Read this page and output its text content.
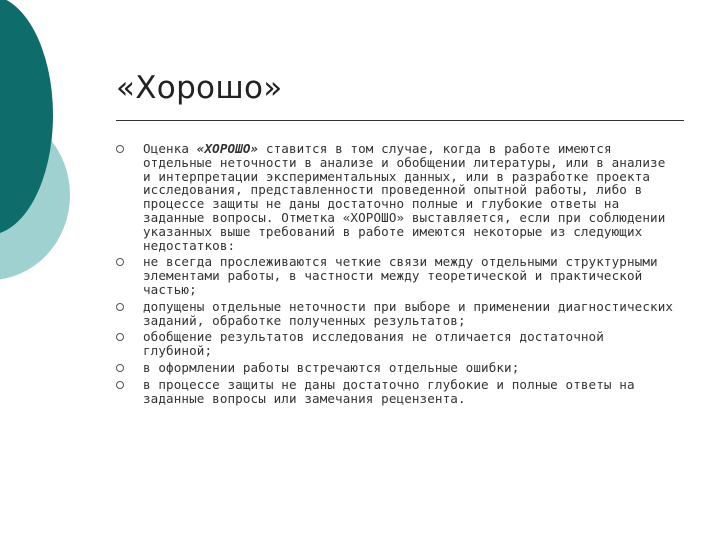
«Хорошо»
Оценка «ХОРОШО» ставится в том случае, когда в работе имеются отдельные неточности в анализе и обобщении литературы, или в анализе и интерпретации экспериментальных данных, или в разработке проекта исследования, представленности проведенной опытной работы, либо в процессе защиты не даны достаточно полные и глубокие ответы на заданные вопросы. Отметка «ХОРОШО» выставляется, если при соблюдении указанных выше требований в работе имеются некоторые из следующих недостатков:
не всегда прослеживаются четкие связи между отдельными структурными элементами работы, в частности между теоретической и практической частью;
допущены отдельные неточности при выборе и применении диагностических заданий, обработке полученных результатов;
обобщение результатов исследования не отличается достаточной глубиной;
в оформлении работы встречаются отдельные ошибки;
в процессе защиты не даны достаточно глубокие и полные ответы на заданные вопросы или замечания рецензента.
